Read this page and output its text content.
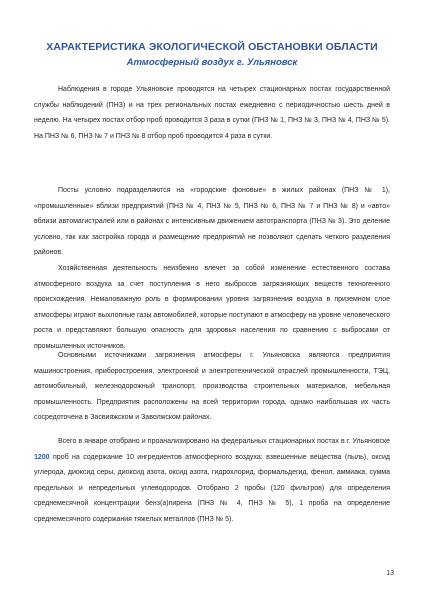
ХАРАКТЕРИСТИКА ЭКОЛОГИЧЕСКОЙ ОБСТАНОВКИ ОБЛАСТИ
Атмосферный воздух г. Ульяновск

Наблюдения в городе Ульяновске проводятся на четырех стационарных постах государственной службы наблюдений (ПНЗ) и на трех региональных постах ежедневно с периодичностью шесть дней в неделю. На четырех постах отбор проб проводится 3 раза в сутки (ПНЗ № 1, ПНЗ № 3, ПНЗ № 4, ПНЗ № 5). На ПНЗ № 6, ПНЗ № 7 и ПНЗ № 8 отбор проб проводится 4 раза в сутки.

Посты условно подразделяются на «городские фоновые» в жилых районах (ПНЗ № 1), «промышленные» вблизи предприятий (ПНЗ № 4, ПНЗ № 5, ПНЗ № 6, ПНЗ № 7 и ПНЗ № 8) и «авто» вблизи автомагистралей или в районах с интенсивным движением автотранспорта (ПНЗ № 3). Это деление условно, так как застройка города и размещение предприятий не позволяют сделать четкого разделения районов.

Хозяйственная деятельность неизбежно влечет за собой изменение естественного состава атмосферного воздуха за счет поступления в него выбросов загрязняющих веществ техногенного происхождения. Немаловажную роль в формировании уровня загрязнения воздуха в приземном слое атмосферы играют выхлопные газы автомобилей, которые поступают в атмосферу на уровне человеческого роста и представляют большую опасность для здоровья населения по сравнению с выбросами от промышленных источников.

Основными источниками загрязнения атмосферы г. Ульяновска являются предприятия машиностроения, приборостроения, электронной и электротехнической отраслей промышленности, ТЭЦ, автомобильный, железнодорожный транспорт, производства строительных материалов, мебельная промышленность. Предприятия расположены на всей территории города, однако наибольшая их часть сосредоточена в Засвияжском и Заволжском районах.

Всего в январе отобрано и проанализировано на федеральных стационарных постах в г. Ульяновске 1200 проб на содержание 10 ингредиентов атмосферного воздуха: взвешенные вещества (пыль), оксид углерода, диоксид серы, диоксид азота, оксид азота, гидрохлорид, формальдегид, фенол, аммиака, сумма предельных и непредельных углеводородов. Отобрано 2 пробы (120 фильтров) для определения среднемесячной концентрации бенз(а)пирена (ПНЗ № 4, ПНЗ № 5), 1 проба на определение среднемесячного содержания тяжелых металлов (ПНЗ № 5).

13
